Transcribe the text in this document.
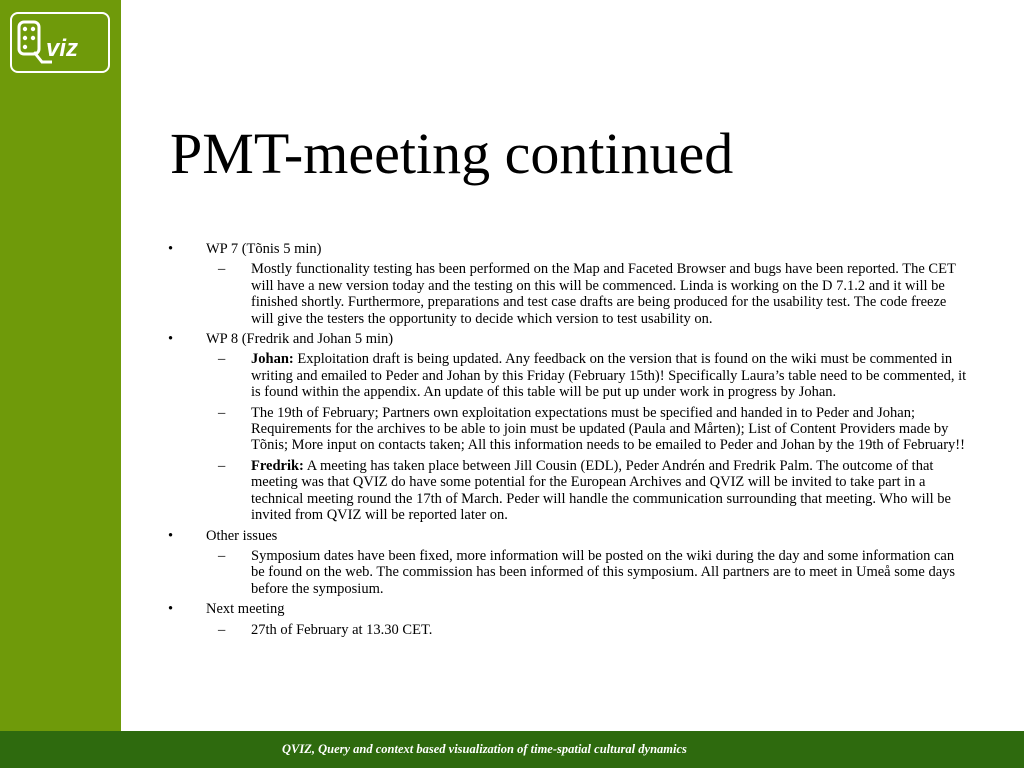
viz
PMT-meeting continued
• WP 7 (Tõnis 5 min)
– Mostly functionality testing has been performed on the Map and Faceted Browser and bugs have been reported. The CET will have a new version today and the testing on this will be commenced. Linda is working on the D 7.1.2 and it will be finished shortly. Furthermore, preparations and test case drafts are being produced for the usability test. The code freeze will give the testers the opportunity to decide which version to test usability on.
• WP 8 (Fredrik and Johan 5 min)
– Johan: Exploitation draft is being updated. Any feedback on the version that is found on the wiki must be commented in writing and emailed to Peder and Johan by this Friday (February 15th)! Specifically Laura’s table need to be commented, it is found within the appendix. An update of this table will be put up under work in progress by Johan.
– The 19th of February; Partners own exploitation expectations must be specified and handed in to Peder and Johan; Requirements for the archives to be able to join must be updated (Paula and Mårten); List of Content Providers made by Tõnis; More input on contacts taken; All this information needs to be emailed to Peder and Johan by the 19th of February!!
– Fredrik: A meeting has taken place between Jill Cousin (EDL), Peder Andrén and Fredrik Palm. The outcome of that meeting was that QVIZ do have some potential for the European Archives and QVIZ will be invited to take part in a technical meeting round the 17th of March. Peder will handle the communication surrounding that meeting. Who will be invited from QVIZ will be reported later on.
• Other issues
– Symposium dates have been fixed, more information will be posted on the wiki during the day and some information can be found on the web. The commission has been informed of this symposium. All partners are to meet in Umeå some days before the symposium.
• Next meeting
– 27th of February at 13.30 CET.
QVIZ, Query and context based visualization of time-spatial cultural dynamics
